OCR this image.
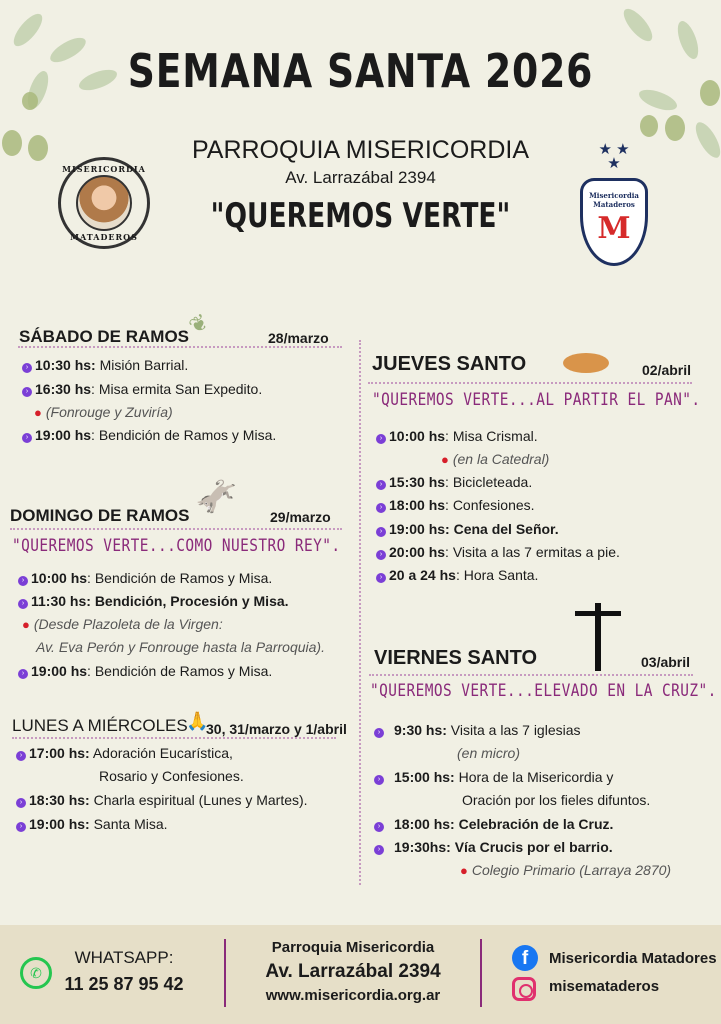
SEMANA SANTA 2026
PARROQUIA MISERICORDIA
Av. Larrazábal 2394
"QUEREMOS VERTE"
MISERICORDIA
MATADEROS
★ ★ ★
Misericordia
Mataderos
M
SÁBADO DE RAMOS
❦	28/marzo
› 10:30 hs: Misión Barrial.
› 16:30 hs: Misa ermita San Expedito.
● (Fonrouge y Zuviría)
› 19:00 hs: Bendición de Ramos y Misa.
DOMINGO DE RAMOS 🫏
29/marzo
"QUEREMOS VERTE...COMO NUESTRO REY".
› 10:00 hs: Bendición de Ramos y Misa.
› 11:30 hs: Bendición, Procesión y Misa.
● (Desde Plazoleta de la Virgen:
Av. Eva Perón y Fonrouge hasta la Parroquia).
› 19:00 hs: Bendición de Ramos y Misa.
LUNES A MIÉRCOLES
🙏
30, 31/marzo y 1/abril
› 17:00 hs: Adoración Eucarística,
Rosario y Confesiones.
› 18:30 hs: Charla espiritual (Lunes y Martes).
› 19:00 hs: Santa Misa.
JUEVES SANTO	02/abril
"QUEREMOS VERTE...AL PARTIR EL PAN".
› 10:00 hs: Misa Crismal.
● (en la Catedral)
› 15:30 hs: Bicicleteada.
› 18:00 hs: Confesiones.
› 19:00 hs: Cena del Señor.
› 20:00 hs: Visita a las 7 ermitas a pie.
› 20 a 24 hs: Hora Santa.
VIERNES SANTO	03/abril
"QUEREMOS VERTE...ELEVADO EN LA CRUZ".
› 9:30 hs: Visita a las 7 iglesias
(en micro)
› 15:00 hs: Hora de la Misericordia y
Oración por los fieles difuntos.
› 18:00 hs: Celebración de la Cruz.
› 19:30hs: Vía Crucis por el barrio.
● Colegio Primario (Larraya 2870)
✆
WHATSAPP:
11 25 87 95 42
Parroquia Misericordia
Av. Larrazábal 2394
www.misericordia.org.ar
f	Misericordia Matadores
misemataderos
